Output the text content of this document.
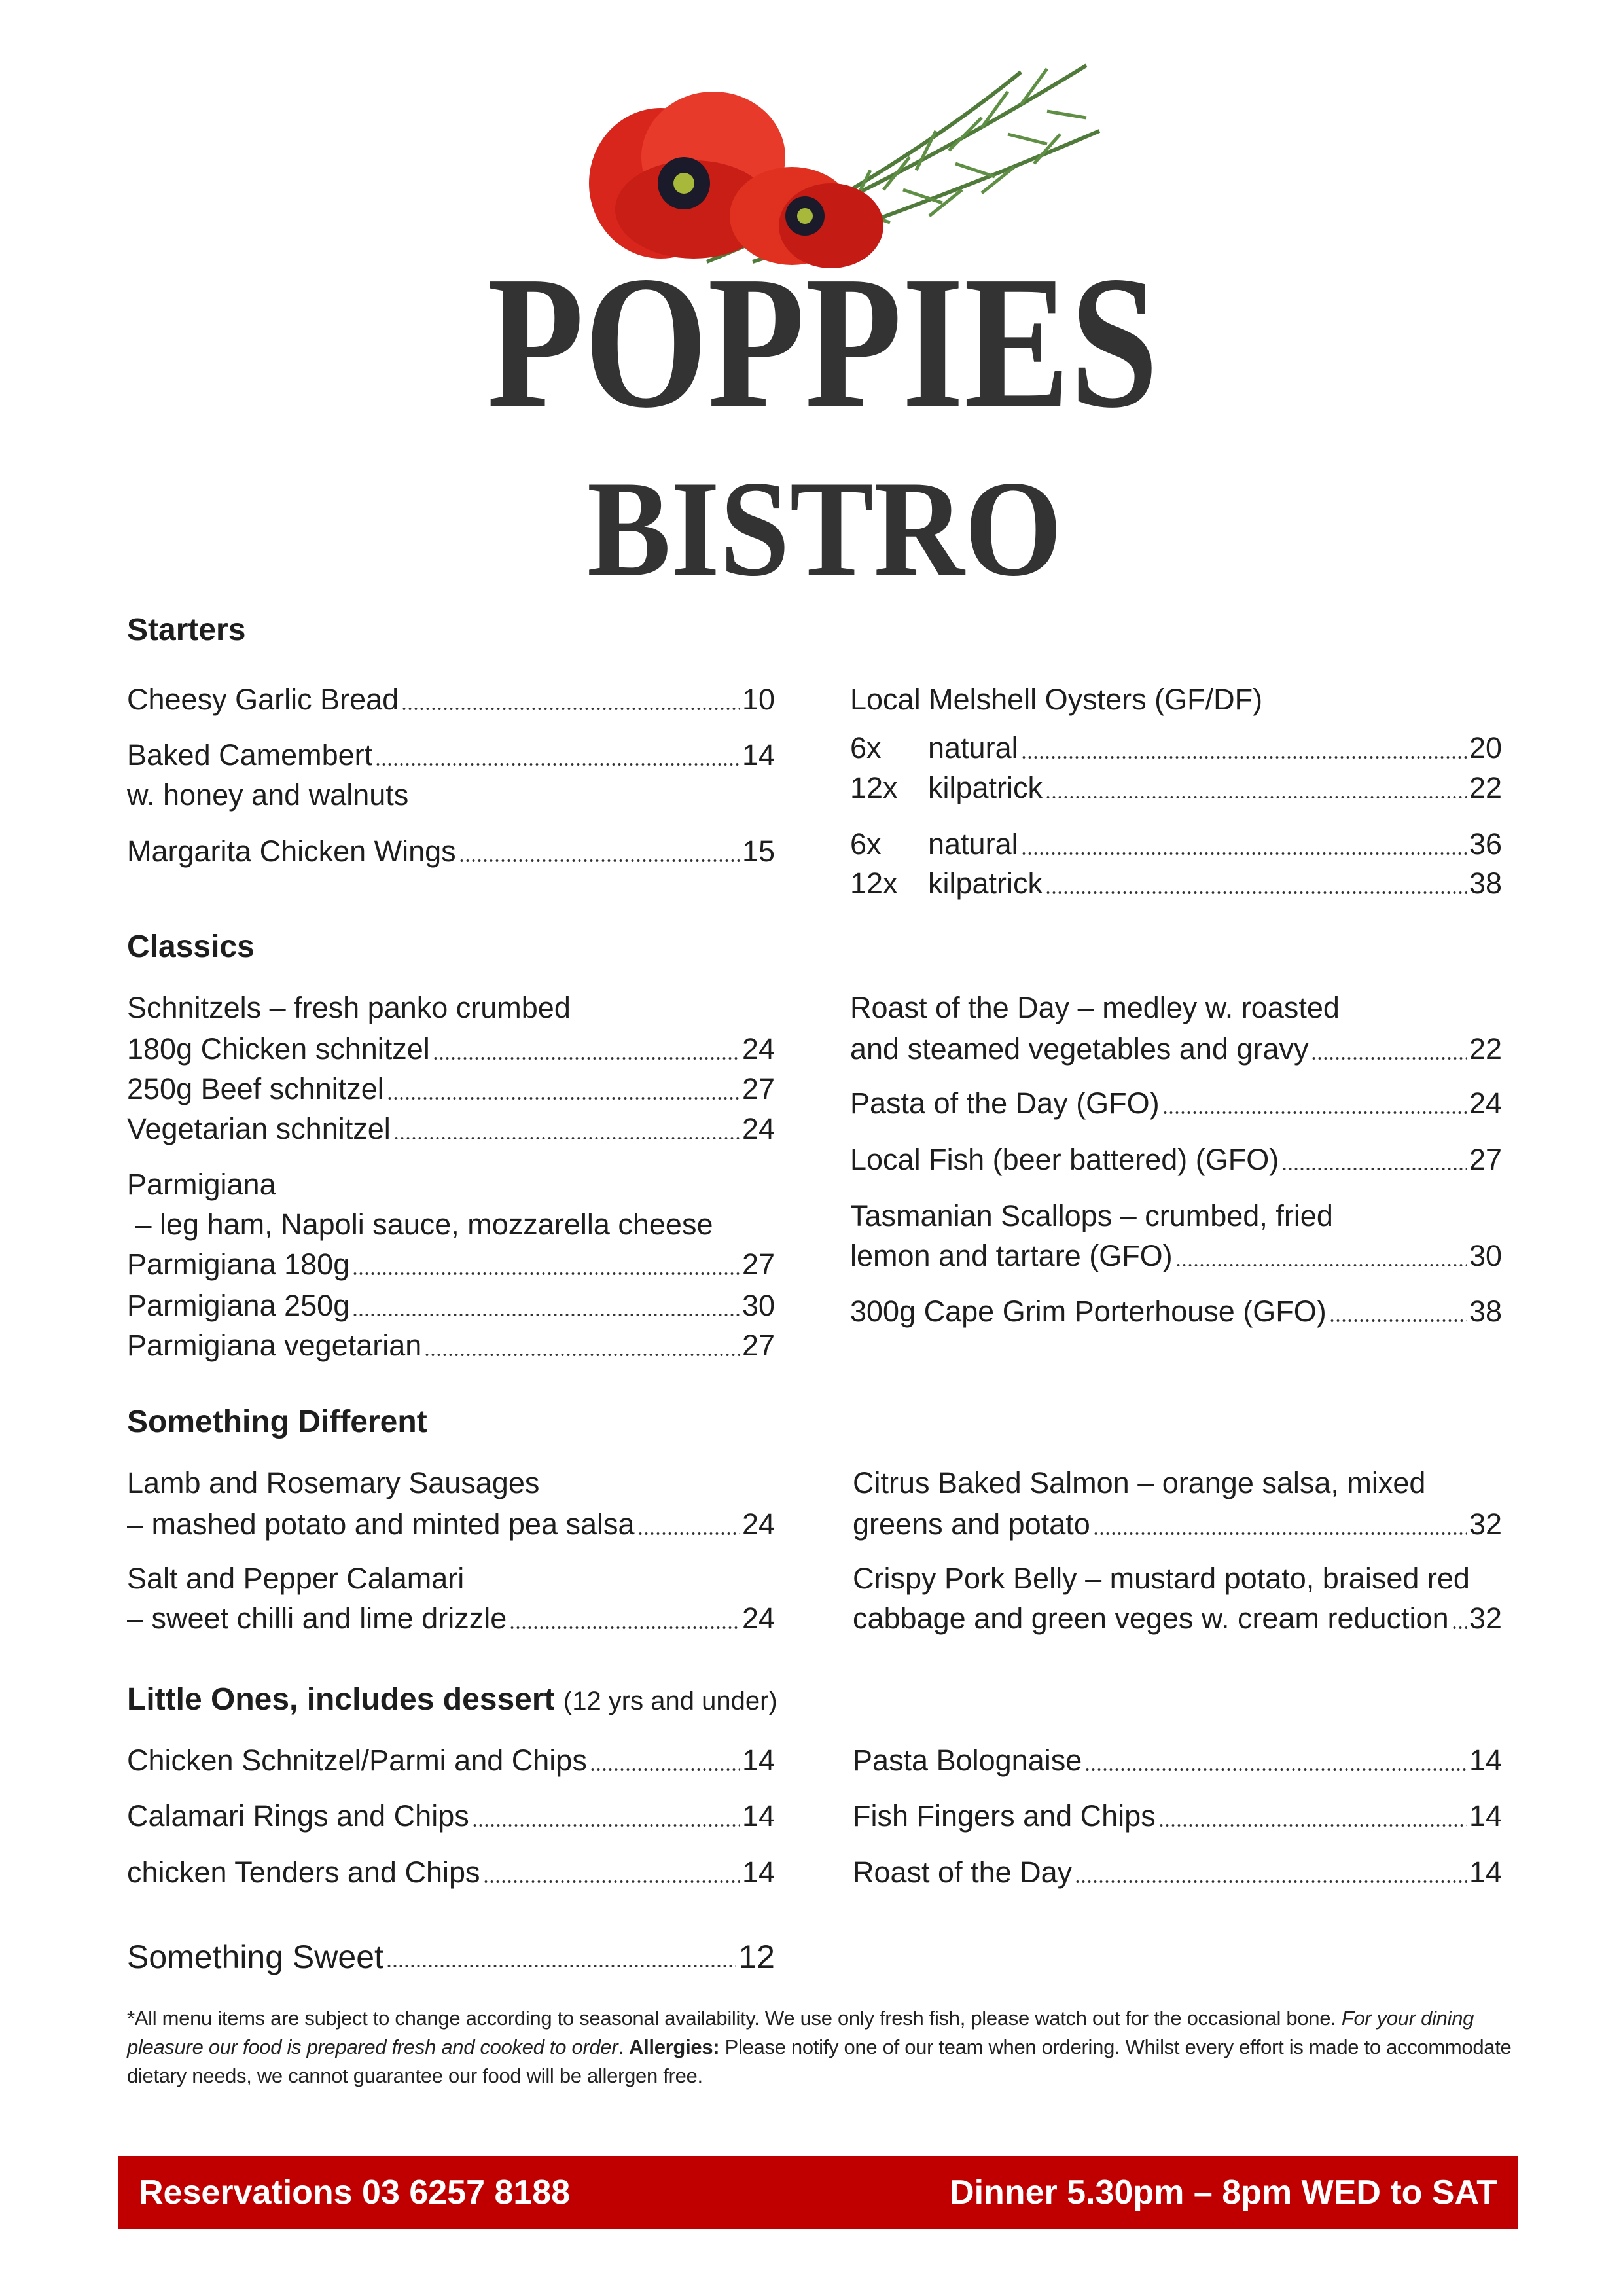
POPPIES
BISTRO
Starters
Cheesy Garlic Bread	10
Baked Camembert	14
w. honey and walnuts
Margarita Chicken Wings	15
Local Melshell Oysters (GF/DF)
6x	natural	20
12x	kilpatrick	22
6x	natural	36
12x	kilpatrick	38
Classics
Schnitzels – fresh panko crumbed
180g Chicken schnitzel	24
250g Beef schnitzel	27
Vegetarian schnitzel	24
Parmigiana
– leg ham, Napoli sauce, mozzarella cheese
Parmigiana 180g	27
Parmigiana 250g	30
Parmigiana vegetarian	27
Roast of the Day – medley w. roasted
and steamed vegetables and gravy	22
Pasta of the Day (GFO)	24
Local Fish (beer battered) (GFO)	27
Tasmanian Scallops – crumbed, fried
lemon and tartare (GFO)	30
300g Cape Grim Porterhouse (GFO)	38
Something Different
Lamb and Rosemary Sausages
– mashed potato and minted pea salsa	24
Salt and Pepper Calamari
– sweet chilli and lime drizzle	24
Citrus Baked Salmon – orange salsa, mixed
greens and potato	32
Crispy Pork Belly – mustard potato, braised red
cabbage and green veges w. cream reduction 32
Little Ones, includes dessert
(12 yrs and under)
Chicken Schnitzel/Parmi and Chips	14
Calamari Rings and Chips	14
chicken Tenders and Chips	14
Pasta Bolognaise	14
Fish Fingers and Chips	14
Roast of the Day	14
Something Sweet	12
*All menu items are subject to change according to seasonal availability. We use only fresh fish, please watch out for the occasional bone. For your dining pleasure our food is prepared fresh and cooked to order. Allergies: Please notify one of our team when ordering. Whilst every effort is made to accommodate dietary needs, we cannot guarantee our food will be allergen free.
Reservations 03 6257 8188	Dinner 5.30pm – 8pm WED to SAT
